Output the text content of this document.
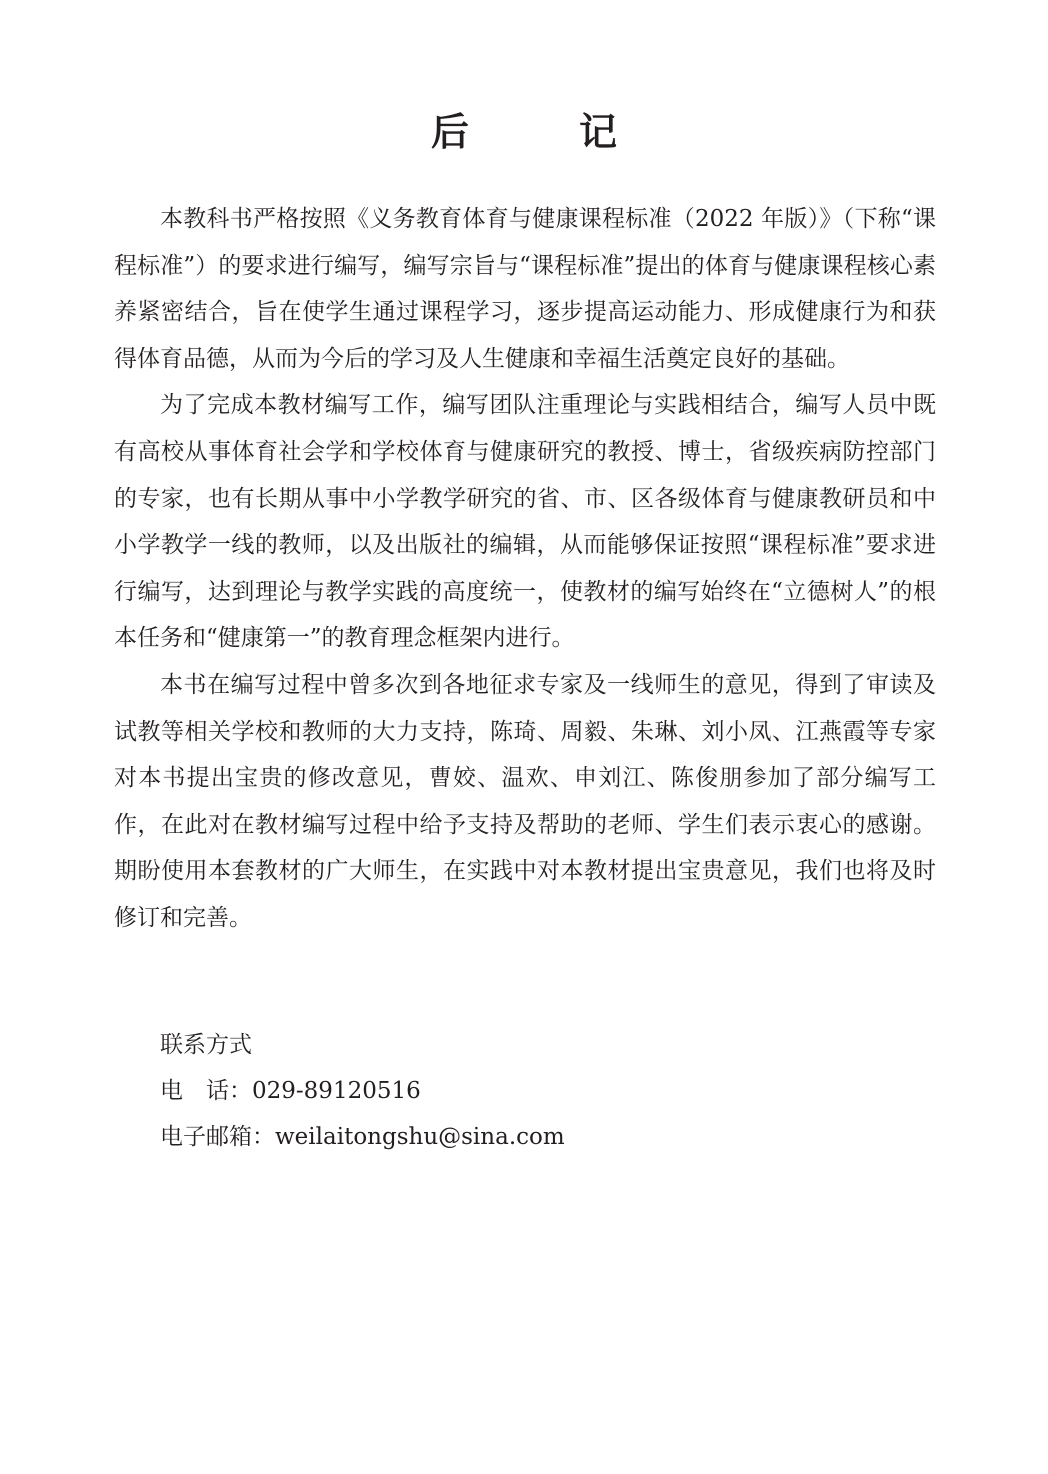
后　记

本教科书严格按照《义务教育体育与健康课程标准（2022 年版）》（下称“课程标准”）的要求进行编写，编写宗旨与“课程标准”提出的体育与健康课程核心素养紧密结合，旨在使学生通过课程学习，逐步提高运动能力、形成健康行为和获得体育品德，从而为今后的学习及人生健康和幸福生活奠定良好的基础。

为了完成本教材编写工作，编写团队注重理论与实践相结合，编写人员中既有高校从事体育社会学和学校体育与健康研究的教授、博士，省级疾病防控部门的专家，也有长期从事中小学教学研究的省、市、区各级体育与健康教研员和中小学教学一线的教师，以及出版社的编辑，从而能够保证按照“课程标准”要求进行编写，达到理论与教学实践的高度统一，使教材的编写始终在“立德树人”的根本任务和“健康第一”的教育理念框架内进行。

本书在编写过程中曾多次到各地征求专家及一线师生的意见，得到了审读及试教等相关学校和教师的大力支持，陈琦、周毅、朱琳、刘小凤、江燕霞等专家对本书提出宝贵的修改意见，曹姣、温欢、申刘江、陈俊朋参加了部分编写工作，在此对在教材编写过程中给予支持及帮助的老师、学生们表示衷心的感谢。期盼使用本套教材的广大师生，在实践中对本教材提出宝贵意见，我们也将及时修订和完善。

联系方式
电　话：029-89120516
电子邮箱：weilaitongshu@sina.com
